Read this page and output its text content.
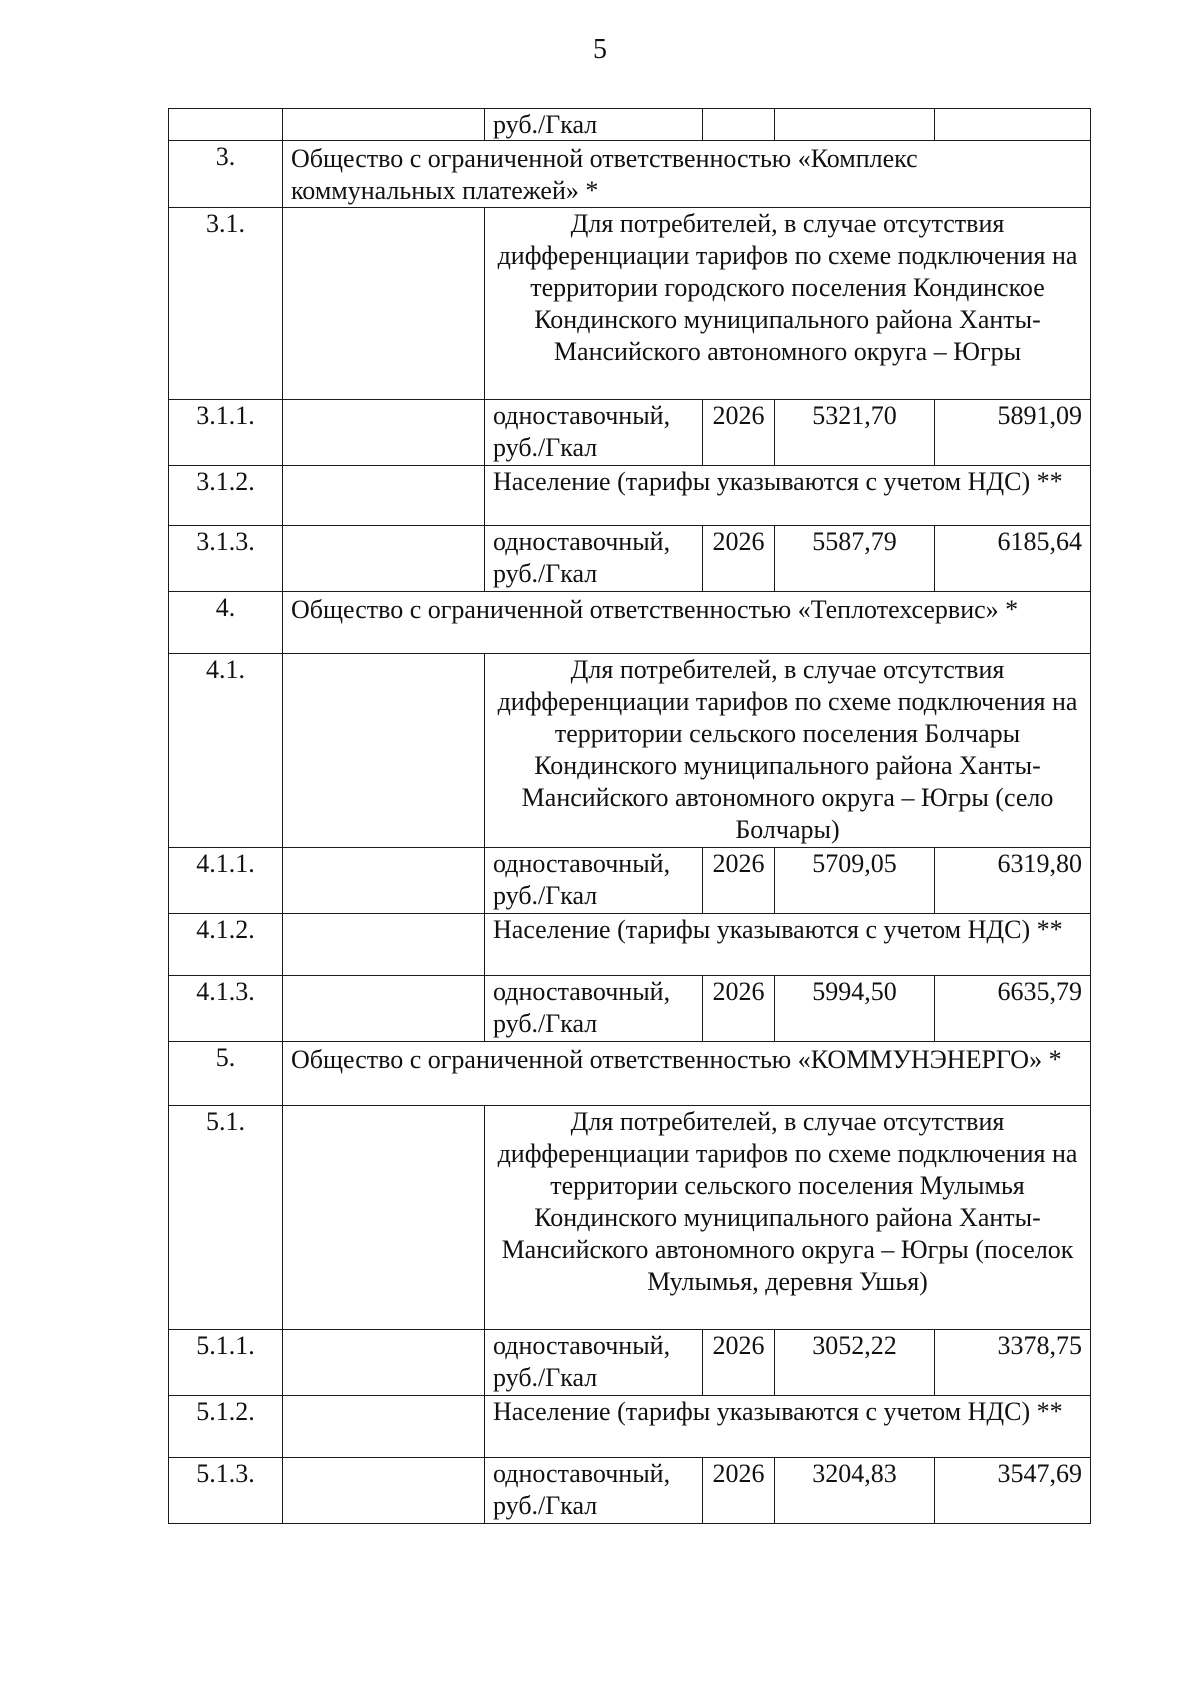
5
		руб./Гкал			
3.	Общество с ограниченной ответственностью «Комплекс коммунальных платежей» *				
3.1.		Для потребителей, в случае отсутствия дифференциации тарифов по схеме подключения на территории городского поселения Кондинское Кондинского муниципального района Ханты-Мансийского автономного округа – Югры			
3.1.1.		одноставочный, руб./Гкал	2026	5321,70	5891,09
3.1.2.		Население (тарифы указываются с учетом НДС) **			
3.1.3.		одноставочный, руб./Гкал	2026	5587,79	6185,64
4.	Общество с ограниченной ответственностью «Теплотехсервис» *				
4.1.		Для потребителей, в случае отсутствия дифференциации тарифов по схеме подключения на территории сельского поселения Болчары Кондинского муниципального района Ханты-Мансийского автономного округа – Югры (село Болчары)			
4.1.1.		одноставочный, руб./Гкал	2026	5709,05	6319,80
4.1.2.		Население (тарифы указываются с учетом НДС) **			
4.1.3.		одноставочный, руб./Гкал	2026	5994,50	6635,79
5.	Общество с ограниченной ответственностью «КОММУНЭНЕРГО» *				
5.1.		Для потребителей, в случае отсутствия дифференциации тарифов по схеме подключения на территории сельского поселения Мулымья Кондинского муниципального района Ханты-Мансийского автономного округа – Югры (поселок Мулымья, деревня Ушья)			
5.1.1.		одноставочный, руб./Гкал	2026	3052,22	3378,75
5.1.2.		Население (тарифы указываются с учетом НДС) **			
5.1.3.		одноставочный, руб./Гкал	2026	3204,83	3547,69
